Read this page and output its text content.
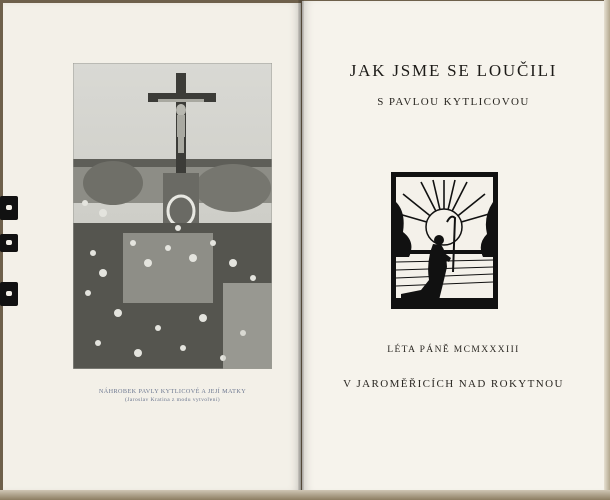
NÁHROBEK PAVLY KYTLICOVÉ A JEJÍ MATKY
(Jaroslav Kratina z modu vytvoření)
JAK JSME SE LOUČILI
S PAVLOU KYTLICOVOU
LÉTA PÁNĚ MCMXXXIII
V JAROMĚŘICÍCH NAD ROKYTNOU
